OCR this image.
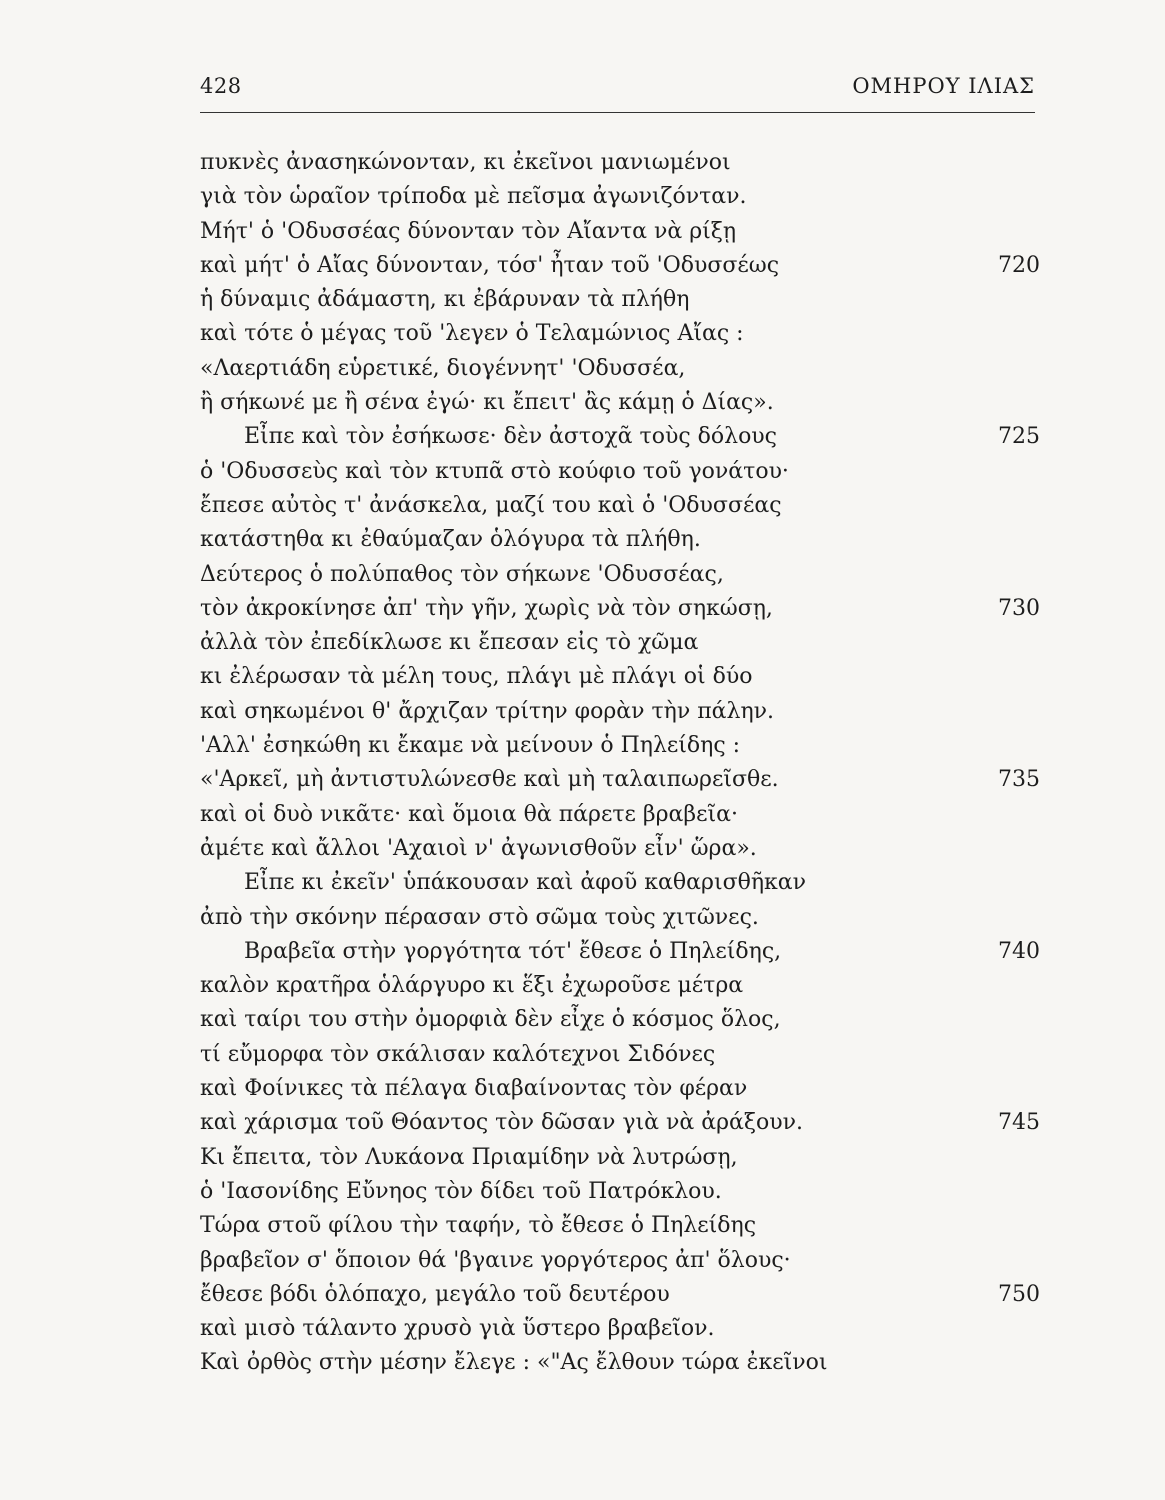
428	ΟΜΗΡΟΥ ΙΛΙΑΣ
πυκνὲς ἀνασηκώνονταν, κι ἐκεῖνοι μανιωμένοι
γιὰ τὸν ὡραῖον τρίποδα μὲ πεῖσμα ἀγωνιζόνταν.
Μήτ' ὁ 'Οδυσσέας δύνονταν τὸν Αἴαντα νὰ ρίξῃ
καὶ μήτ' ὁ Αἴας δύνονταν, τόσ' ἦταν τοῦ 'Οδυσσέως	720
ἡ δύναμις ἀδάμαστη, κι ἐβάρυναν τὰ πλήθη
καὶ τότε ὁ μέγας τοῦ 'λεγεν ὁ Τελαμώνιος Αἴας :
«Λαερτιάδη εὑρετικέ, διογέννητ' 'Οδυσσέα,
ἢ σήκωνέ με ἢ σένα ἐγώ· κι ἔπειτ' ἂς κάμῃ ὁ Δίας».
Εἶπε καὶ τὸν ἐσήκωσε· δὲν ἀστοχᾶ τοὺς δόλους	725
ὁ 'Οδυσσεὺς καὶ τὸν κτυπᾶ στὸ κούφιο τοῦ γονάτου·
ἔπεσε αὐτὸς τ' ἀνάσκελα, μαζί του καὶ ὁ 'Οδυσσέας
κατάστηθα κι ἐθαύμαζαν ὁλόγυρα τὰ πλήθη.
Δεύτερος ὁ πολύπαθος τὸν σήκωνε 'Οδυσσέας,
τὸν ἀκροκίνησε ἀπ' τὴν γῆν, χωρὶς νὰ τὸν σηκώσῃ,	730
ἀλλὰ τὸν ἐπεδίκλωσε κι ἔπεσαν εἰς τὸ χῶμα
κι ἐλέρωσαν τὰ μέλη τους, πλάγι μὲ πλάγι οἱ δύο
καὶ σηκωμένοι θ' ἄρχιζαν τρίτην φορὰν τὴν πάλην.
'Αλλ' ἐσηκώθη κι ἔκαμε νὰ μείνουν ὁ Πηλείδης :
«'Αρκεῖ, μὴ ἀντιστυλώνεσθε καὶ μὴ ταλαιπωρεῖσθε.	735
καὶ οἱ δυὸ νικᾶτε· καὶ ὅμοια θὰ πάρετε βραβεῖα·
ἀμέτε καὶ ἄλλοι 'Αχαιοὶ ν' ἀγωνισθοῦν εἶν' ὥρα».
Εἶπε κι ἐκεῖν' ὑπάκουσαν καὶ ἀφοῦ καθαρισθῆκαν
ἀπὸ τὴν σκόνην πέρασαν στὸ σῶμα τοὺς χιτῶνες.
Βραβεῖα στὴν γοργότητα τότ' ἔθεσε ὁ Πηλείδης,	740
καλὸν κρατῆρα ὁλάργυρο κι ἕξι ἐχωροῦσε μέτρα
καὶ ταίρι του στὴν ὀμορφιὰ δὲν εἶχε ὁ κόσμος ὅλος,
τί εὔμορφα τὸν σκάλισαν καλότεχνοι Σιδόνες
καὶ Φοίνικες τὰ πέλαγα διαβαίνοντας τὸν φέραν
καὶ χάρισμα τοῦ Θόαντος τὸν δῶσαν γιὰ νὰ ἀράξουν.	745
Κι ἔπειτα, τὸν Λυκάονα Πριαμίδην νὰ λυτρώσῃ,
ὁ 'Ιασονίδης Εὔνηος τὸν δίδει τοῦ Πατρόκλου.
Τώρα στοῦ φίλου τὴν ταφήν, τὸ ἔθεσε ὁ Πηλείδης
βραβεῖον σ' ὅποιον θά 'βγαινε γοργότερος ἀπ' ὅλους·
ἔθεσε βόδι ὁλόπαχο, μεγάλο τοῦ δευτέρου	750
καὶ μισὸ τάλαντο χρυσὸ γιὰ ὕστερο βραβεῖον.
Καὶ ὀρθὸς στὴν μέσην ἔλεγε : «"Ας ἔλθουν τώρα ἐκεῖνοι
